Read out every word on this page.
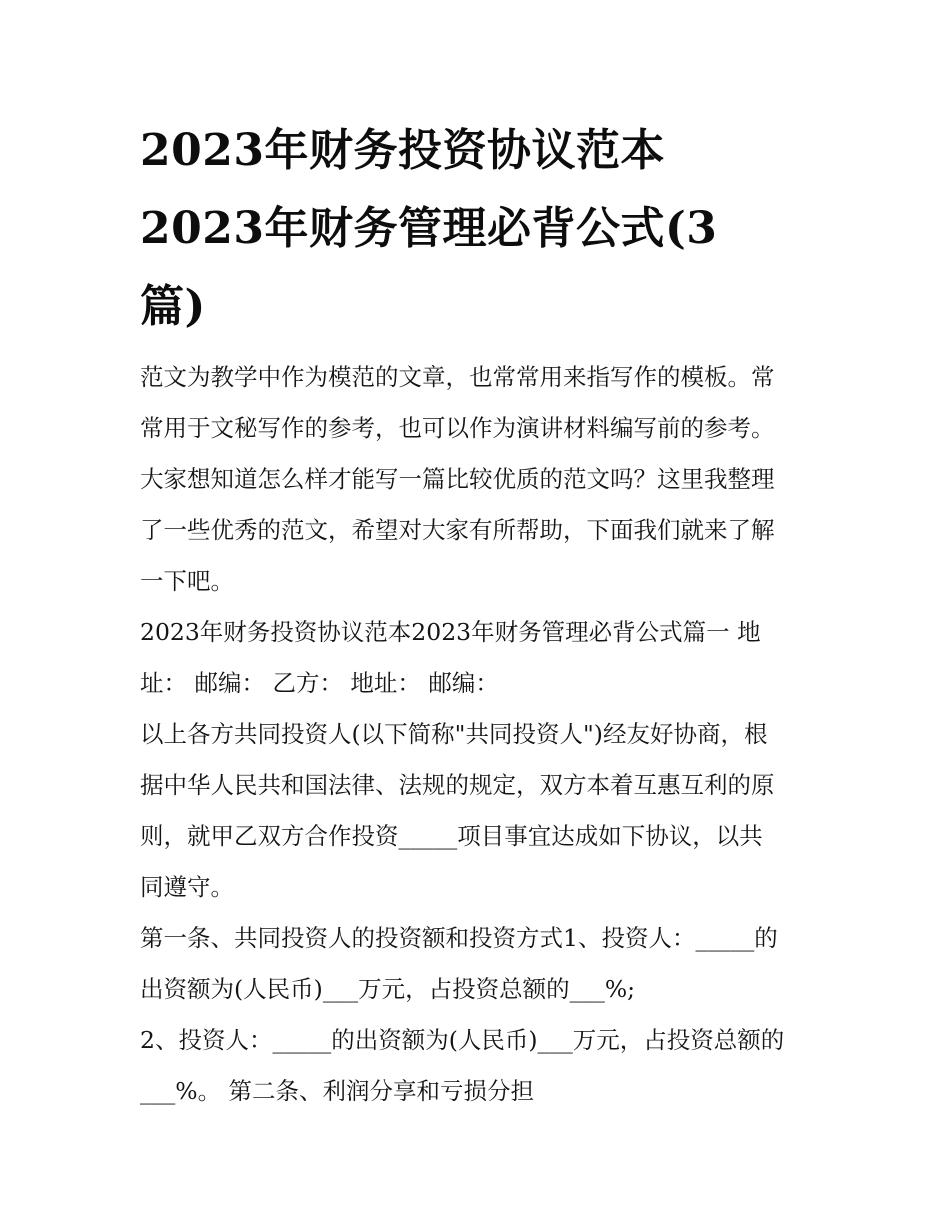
2023年财务投资协议范本
2023年财务管理必背公式(3
篇)

范文为教学中作为模范的文章，也常常用来指写作的模板。常

常用于文秘写作的参考，也可以作为演讲材料编写前的参考。

大家想知道怎么样才能写一篇比较优质的范文吗？这里我整理

了一些优秀的范文，希望对大家有所帮助，下面我们就来了解

一下吧。

2023年财务投资协议范本2023年财务管理必背公式篇一 地

址： 邮编： 乙方： 地址： 邮编：

以上各方共同投资人(以下简称"共同投资人")经友好协商，根

据中华人民共和国法律、法规的规定，双方本着互惠互利的原

则，就甲乙双方合作投资_____项目事宜达成如下协议，以共

同遵守。

第一条、共同投资人的投资额和投资方式1、投资人：_____的

出资额为(人民币)___万元，占投资总额的___%;

2、投资人：_____的出资额为(人民币)___万元，占投资总额的

___%。 第二条、利润分享和亏损分担
